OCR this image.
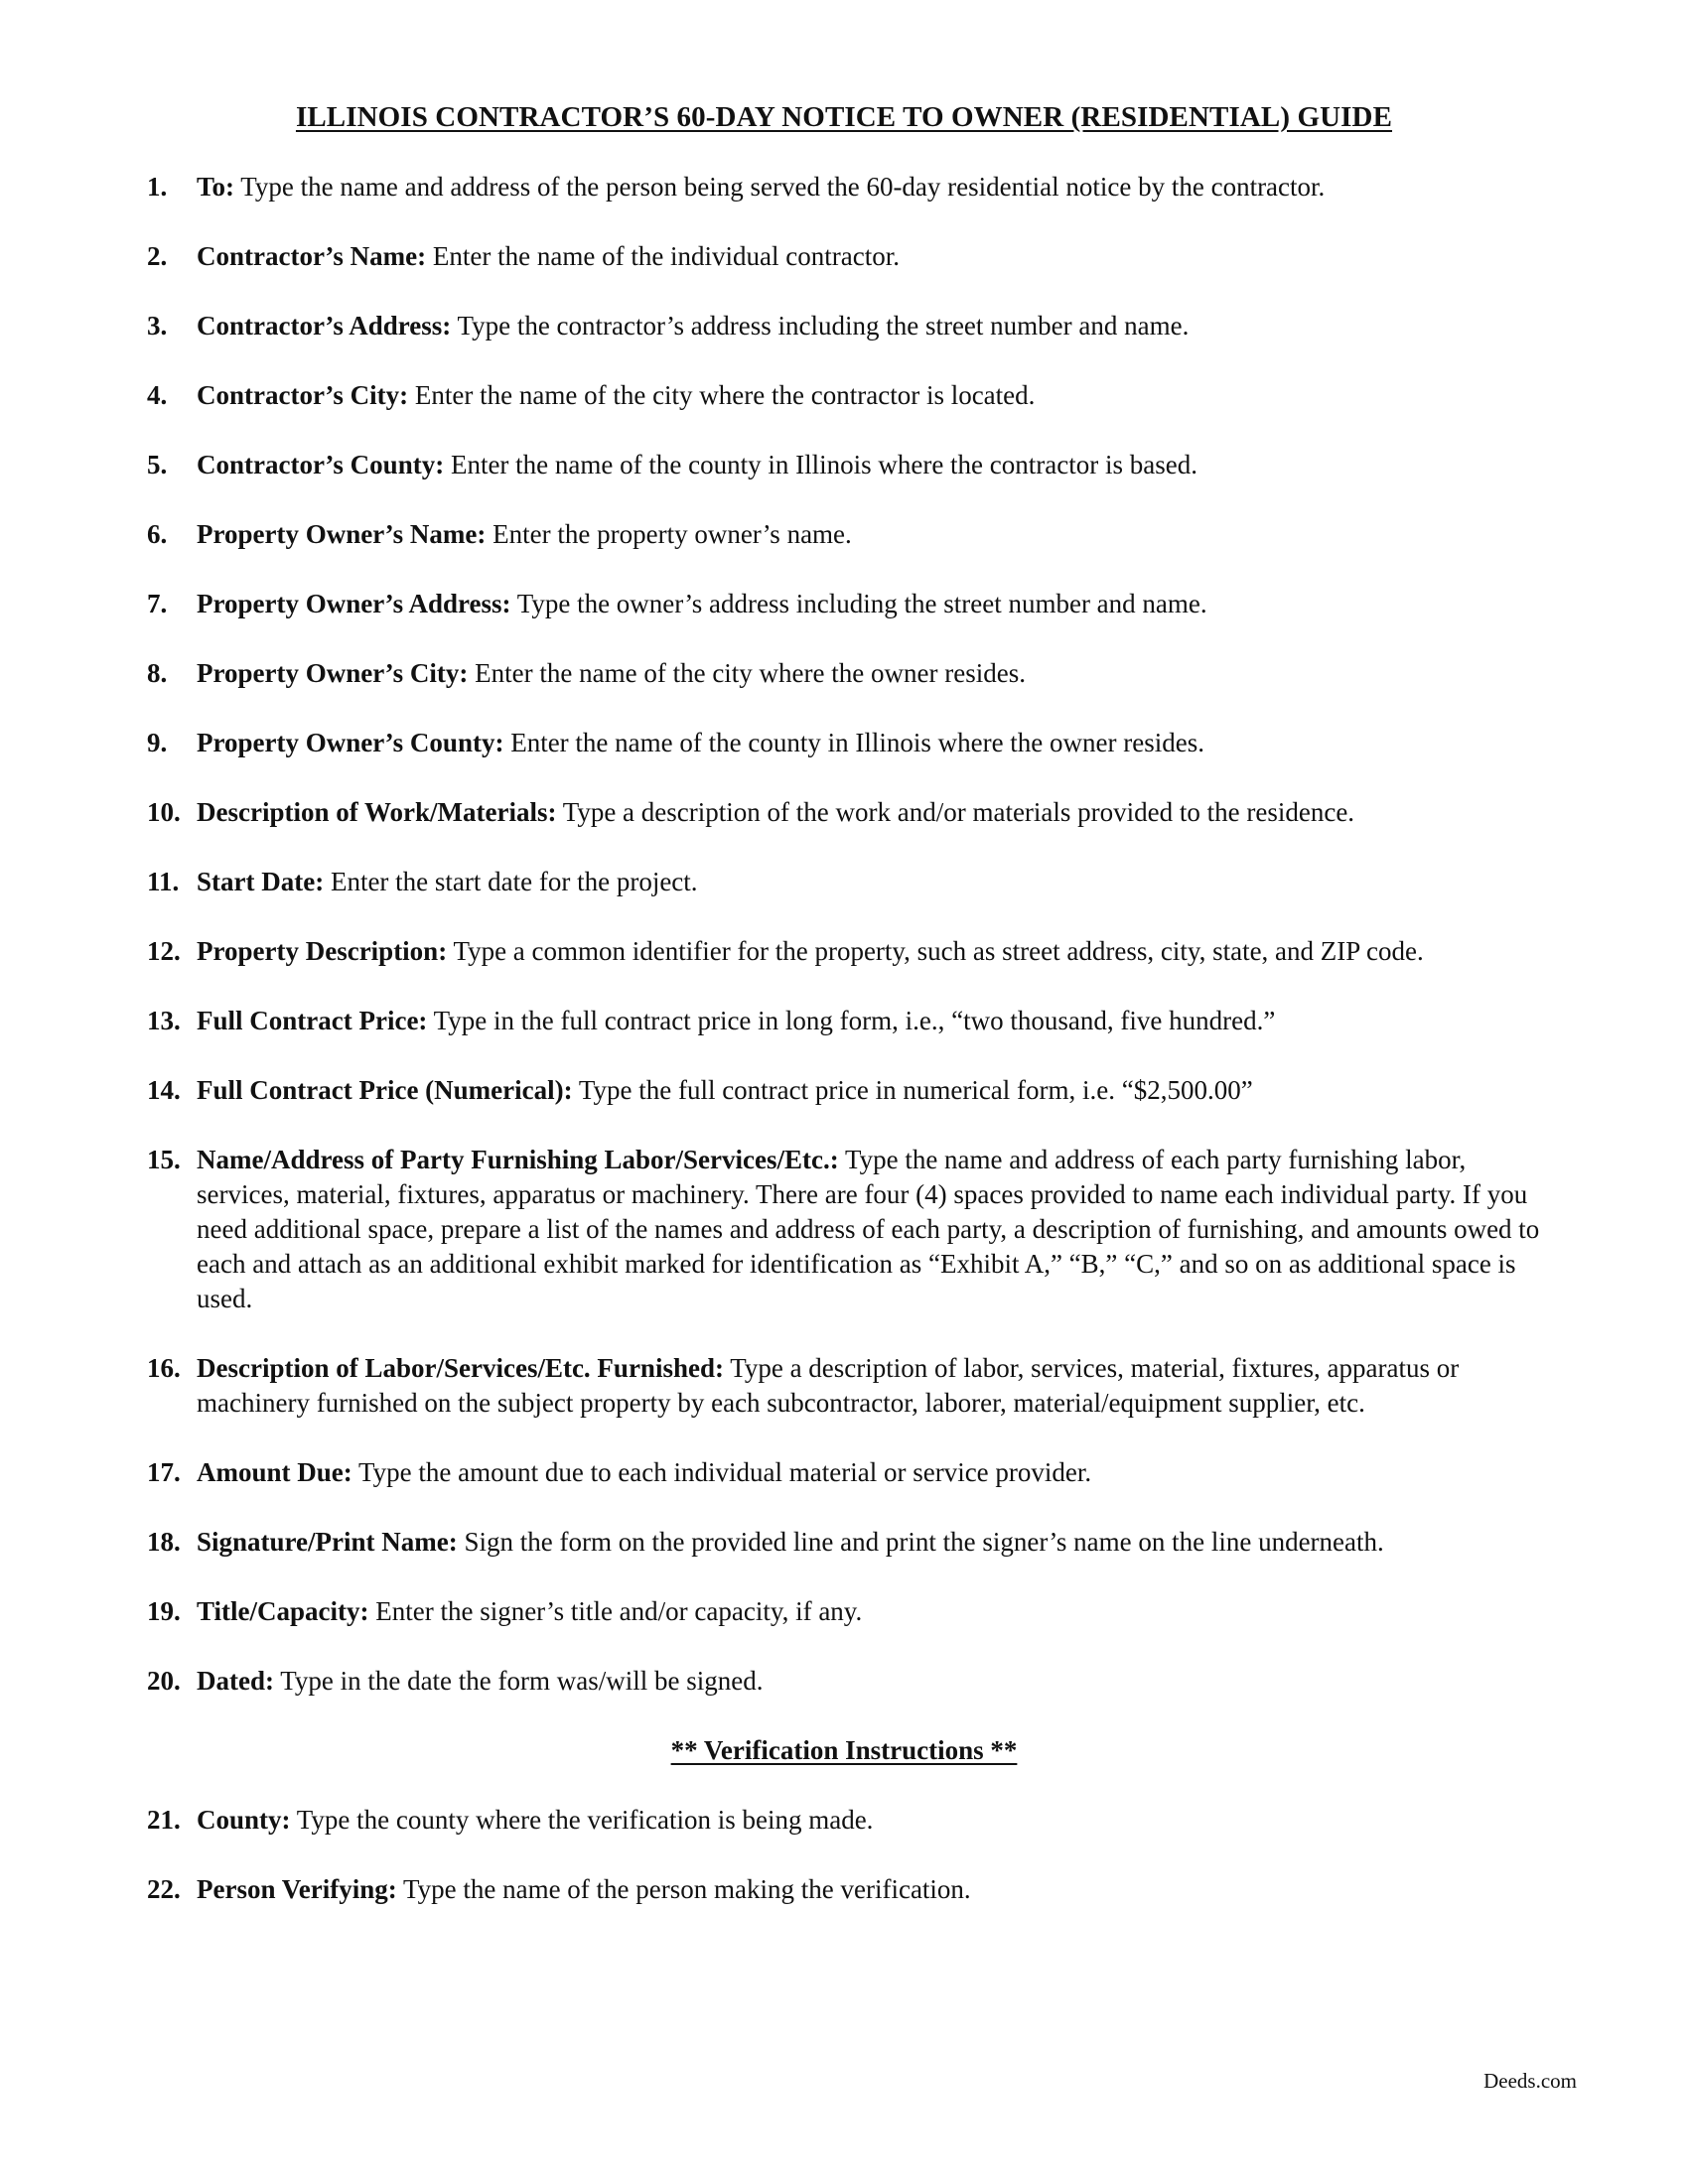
ILLINOIS CONTRACTOR’S 60-DAY NOTICE TO OWNER (RESIDENTIAL) GUIDE
1. To: Type the name and address of the person being served the 60-day residential notice by the contractor.
2. Contractor’s Name: Enter the name of the individual contractor.
3. Contractor’s Address: Type the contractor’s address including the street number and name.
4. Contractor’s City: Enter the name of the city where the contractor is located.
5. Contractor’s County: Enter the name of the county in Illinois where the contractor is based.
6. Property Owner’s Name: Enter the property owner’s name.
7. Property Owner’s Address: Type the owner’s address including the street number and name.
8. Property Owner’s City: Enter the name of the city where the owner resides.
9. Property Owner’s County: Enter the name of the county in Illinois where the owner resides.
10. Description of Work/Materials: Type a description of the work and/or materials provided to the residence.
11. Start Date: Enter the start date for the project.
12. Property Description: Type a common identifier for the property, such as street address, city, state, and ZIP code.
13. Full Contract Price: Type in the full contract price in long form, i.e., “two thousand, five hundred.”
14. Full Contract Price (Numerical): Type the full contract price in numerical form, i.e. “$2,500.00”
15. Name/Address of Party Furnishing Labor/Services/Etc.: Type the name and address of each party furnishing labor, services, material, fixtures, apparatus or machinery. There are four (4) spaces provided to name each individual party. If you need additional space, prepare a list of the names and address of each party, a description of furnishing, and amounts owed to each and attach as an additional exhibit marked for identification as “Exhibit A,” “B,” “C,” and so on as additional space is used.
16. Description of Labor/Services/Etc. Furnished: Type a description of labor, services, material, fixtures, apparatus or machinery furnished on the subject property by each subcontractor, laborer, material/equipment supplier, etc.
17. Amount Due: Type the amount due to each individual material or service provider.
18. Signature/Print Name: Sign the form on the provided line and print the signer’s name on the line underneath.
19. Title/Capacity: Enter the signer’s title and/or capacity, if any.
20. Dated: Type in the date the form was/will be signed.
** Verification Instructions **
21. County: Type the county where the verification is being made.
22. Person Verifying: Type the name of the person making the verification.
Deeds.com
